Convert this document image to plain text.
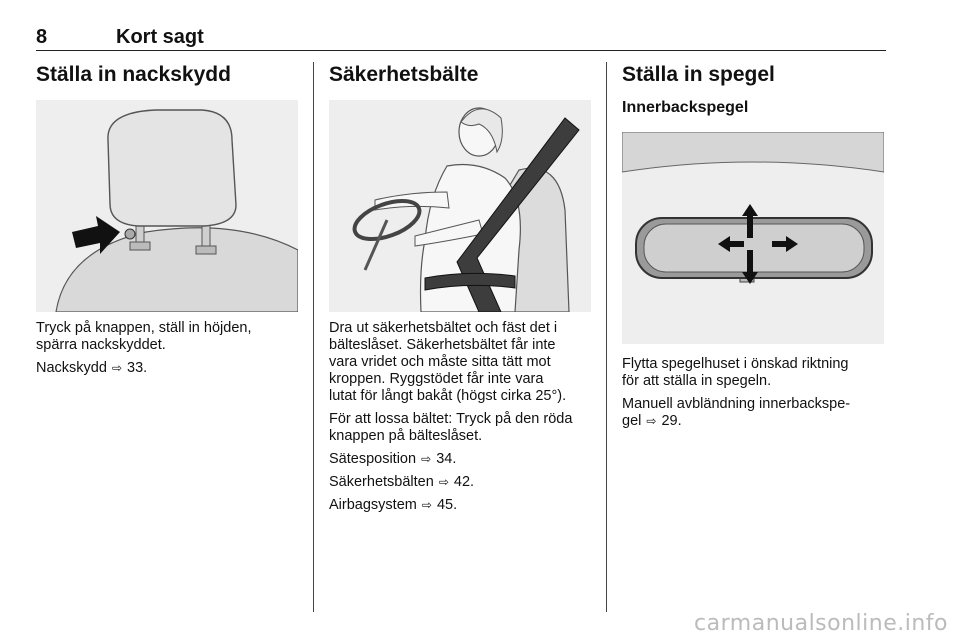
8	Kort sagt
Ställa in nackskydd

Tryck på knappen, ställ in höjden,
spärra nackskyddet.

Nackskydd ⇨ 33.

Säkerhetsbälte

Dra ut säkerhetsbältet och fäst det i
bälteslåset. Säkerhetsbältet får inte
vara vridet och måste sitta tätt mot
kroppen. Ryggstödet får inte vara
lutat för långt bakåt (högst cirka 25°).

För att lossa bältet: Tryck på den röda
knappen på bälteslåset.

Sätesposition ⇨ 34.

Säkerhetsbälten ⇨ 42.

Airbagsystem ⇨ 45.

Ställa in spegel
Innerbackspegel

Flytta spegelhuset i önskad riktning
för att ställa in spegeln.

Manuell avbländning innerbackspe-
gel ⇨ 29.

carmanualsonline.info
